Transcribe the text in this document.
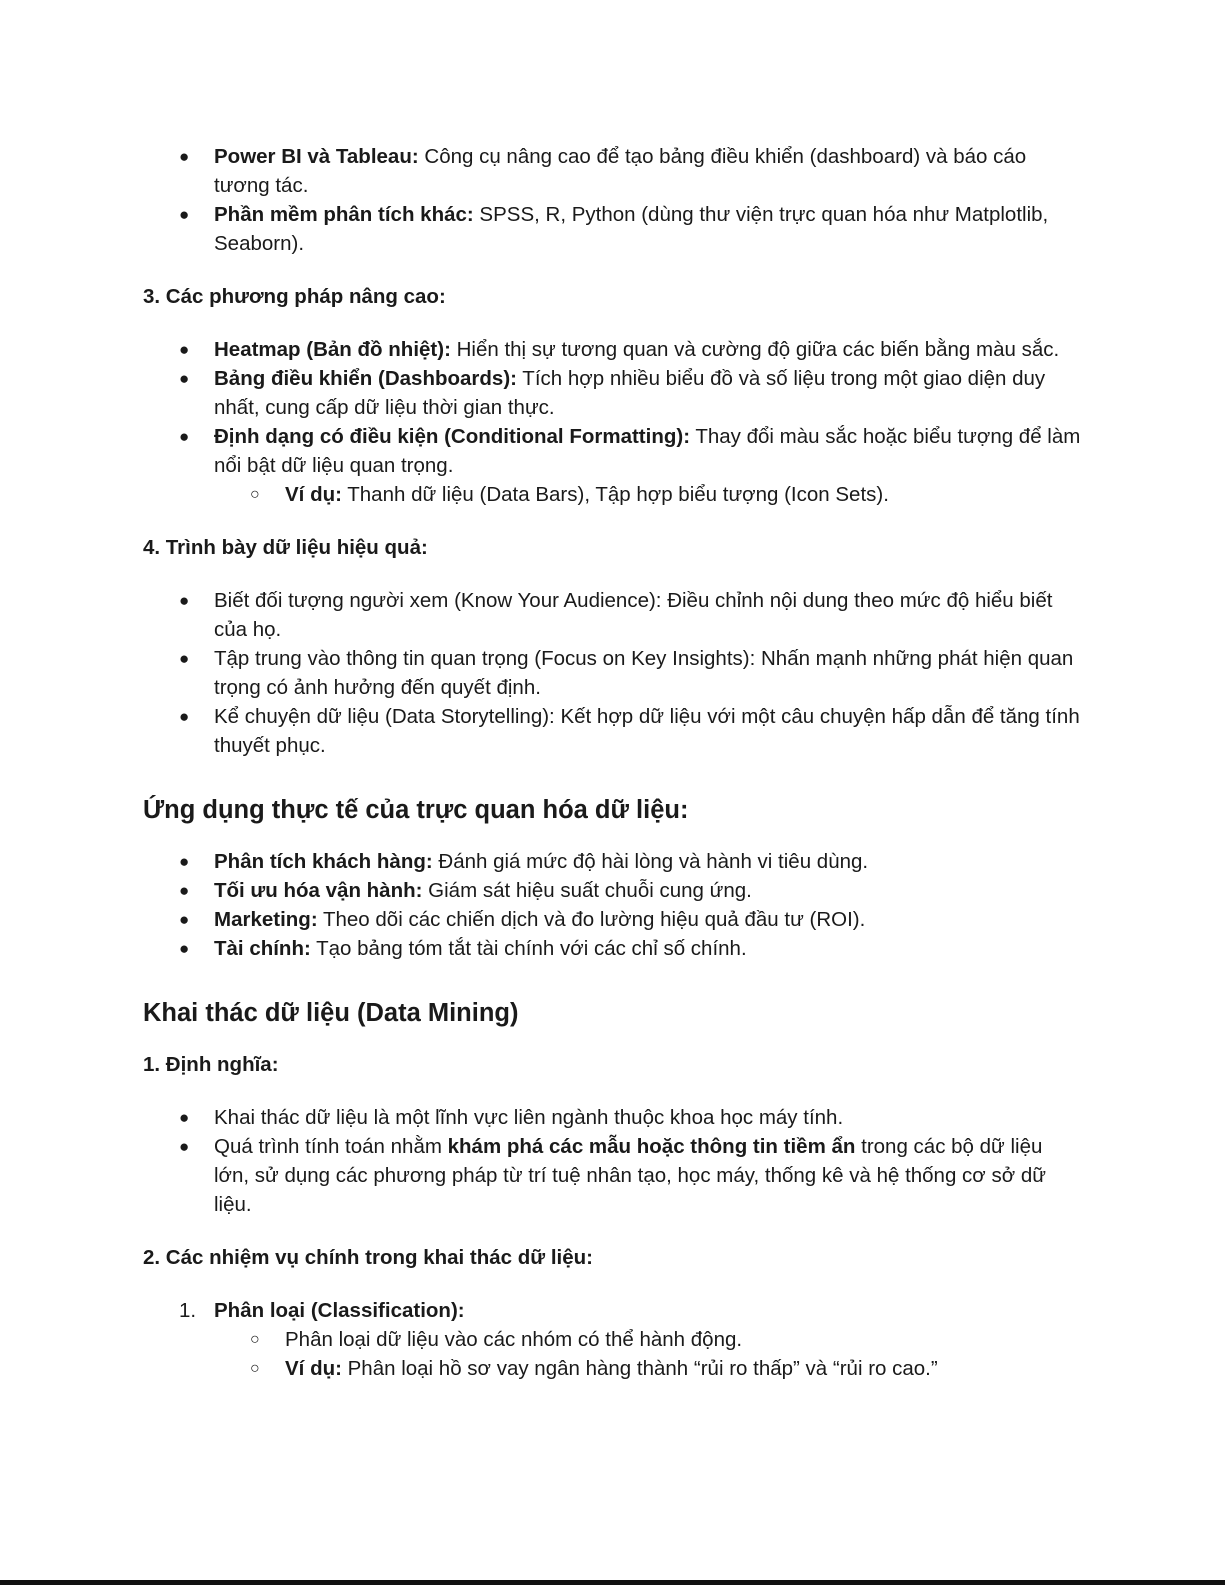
●	Power BI và Tableau: Công cụ nâng cao để tạo bảng điều khiển (dashboard) và báo cáo tương tác.
●	Phần mềm phân tích khác: SPSS, R, Python (dùng thư viện trực quan hóa như Matplotlib, Seaborn).
3. Các phương pháp nâng cao:
●	Heatmap (Bản đồ nhiệt): Hiển thị sự tương quan và cường độ giữa các biến bằng màu sắc.
●	Bảng điều khiển (Dashboards): Tích hợp nhiều biểu đồ và số liệu trong một giao diện duy nhất, cung cấp dữ liệu thời gian thực.
●	Định dạng có điều kiện (Conditional Formatting): Thay đổi màu sắc hoặc biểu tượng để làm nổi bật dữ liệu quan trọng.
○ Ví dụ: Thanh dữ liệu (Data Bars), Tập hợp biểu tượng (Icon Sets).
4. Trình bày dữ liệu hiệu quả:
●	Biết đối tượng người xem (Know Your Audience): Điều chỉnh nội dung theo mức độ hiểu biết của họ.
●	Tập trung vào thông tin quan trọng (Focus on Key Insights): Nhấn mạnh những phát hiện quan trọng có ảnh hưởng đến quyết định.
●	Kể chuyện dữ liệu (Data Storytelling): Kết hợp dữ liệu với một câu chuyện hấp dẫn để tăng tính thuyết phục.
Ứng dụng thực tế của trực quan hóa dữ liệu:
●	Phân tích khách hàng: Đánh giá mức độ hài lòng và hành vi tiêu dùng.
●	Tối ưu hóa vận hành: Giám sát hiệu suất chuỗi cung ứng.
●	Marketing: Theo dõi các chiến dịch và đo lường hiệu quả đầu tư (ROI).
●	Tài chính: Tạo bảng tóm tắt tài chính với các chỉ số chính.
Khai thác dữ liệu (Data Mining)
1. Định nghĩa:
●	Khai thác dữ liệu là một lĩnh vực liên ngành thuộc khoa học máy tính.
●	Quá trình tính toán nhằm khám phá các mẫu hoặc thông tin tiềm ẩn trong các bộ dữ liệu lớn, sử dụng các phương pháp từ trí tuệ nhân tạo, học máy, thống kê và hệ thống cơ sở dữ liệu.
2. Các nhiệm vụ chính trong khai thác dữ liệu:
1. Phân loại (Classification):
○ Phân loại dữ liệu vào các nhóm có thể hành động.
○ Ví dụ: Phân loại hồ sơ vay ngân hàng thành “rủi ro thấp” và “rủi ro cao.”
